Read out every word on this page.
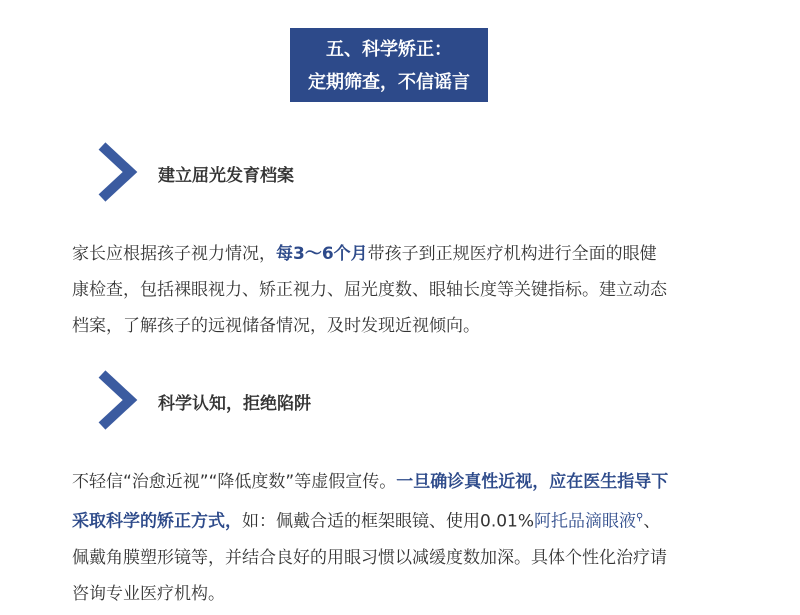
五、科学矫正：
定期筛查，不信谣言
建立屈光发育档案
家长应根据孩子视力情况，每3～6个月带孩子到正规医疗机构进行全面的眼健
康检查，包括裸眼视力、矫正视力、屈光度数、眼轴长度等关键指标。建立动态
档案，了解孩子的远视储备情况，及时发现近视倾向。
科学认知，拒绝陷阱
不轻信“治愈近视”“降低度数”等虚假宣传。一旦确诊真性近视，应在医生指导下
采取科学的矫正方式，如：佩戴合适的框架眼镜、使用0.01%阿托品滴眼液⚲、
佩戴角膜塑形镜等，并结合良好的用眼习惯以减缓度数加深。具体个性化治疗请
咨询专业医疗机构。
